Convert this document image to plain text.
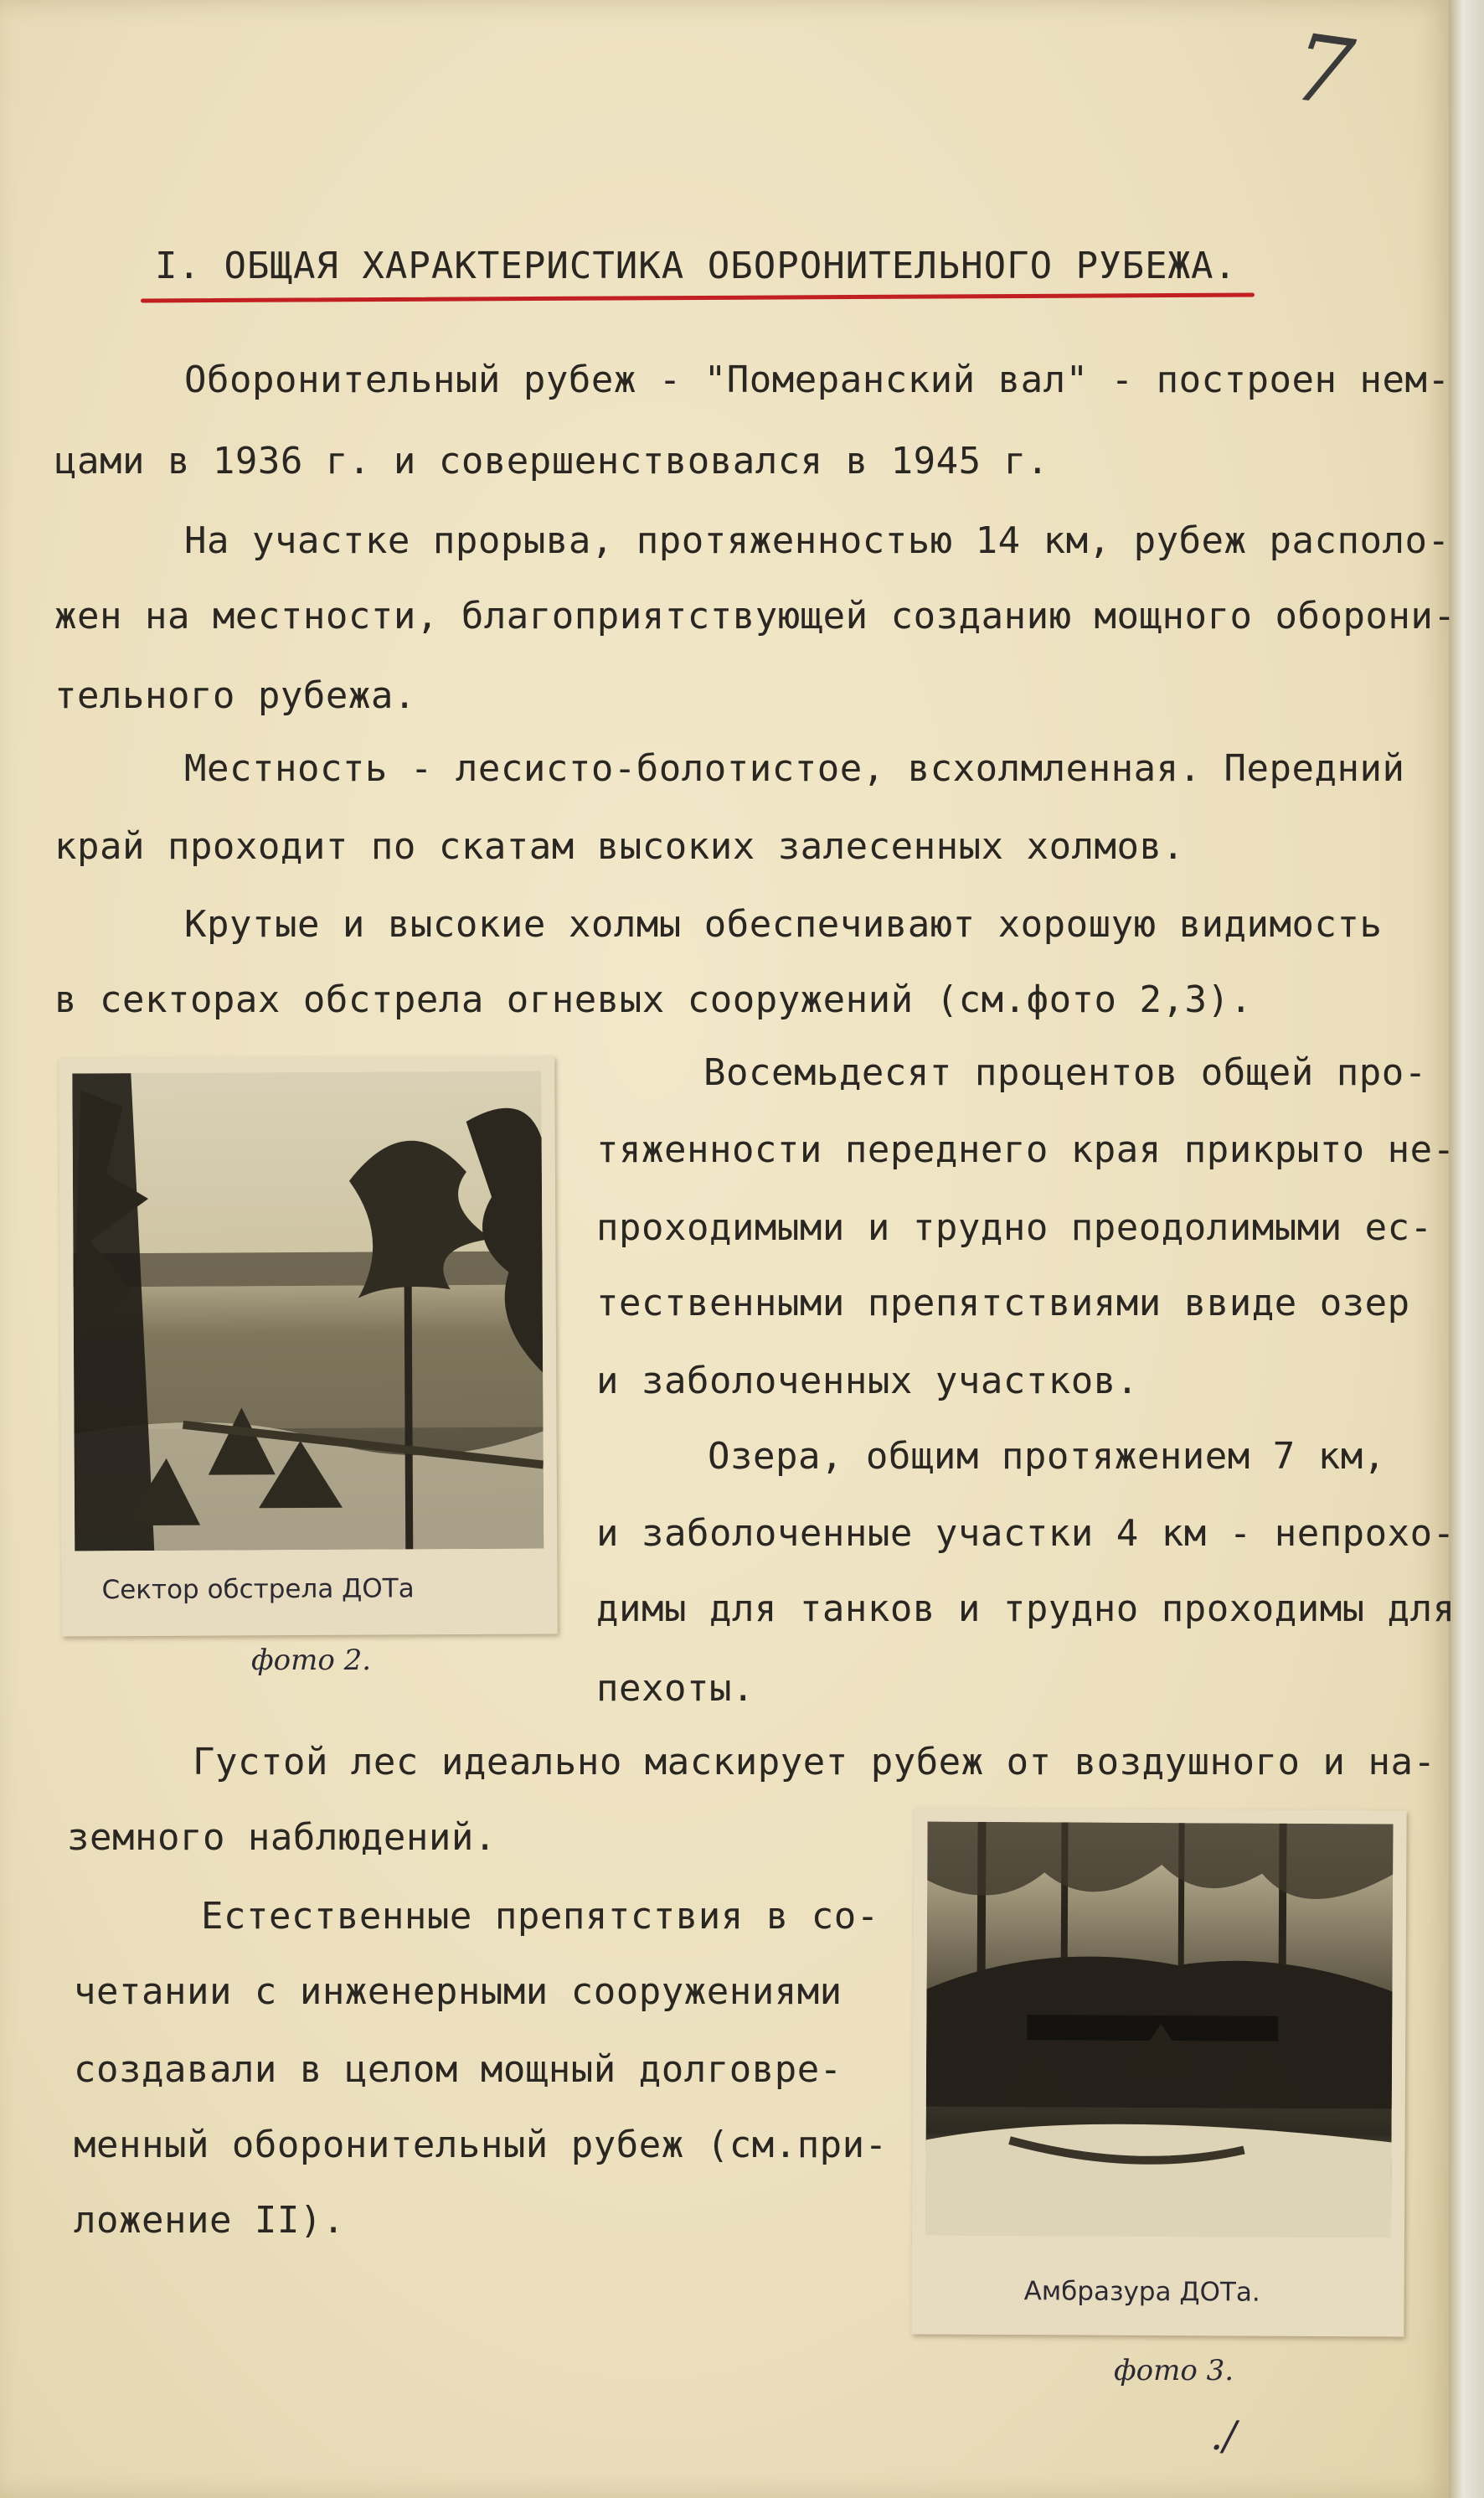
7
I. ОБЩАЯ ХАРАКТЕРИСТИКА ОБОРОНИТЕЛЬНОГО РУБЕЖА.
Оборонительный рубеж - "Померанский вал" - построен нем-
цами в 1936 г. и совершенствовался в 1945 г.
На участке прорыва, протяженностью 14 км, рубеж располо-
жен на местности, благоприятствующей созданию мощного оборони-
тельного рубежа.
Местность - лесисто-болотистое, всхолмленная. Передний
край проходит по скатам высоких залесенных холмов.
Крутые и высокие холмы обеспечивают хорошую видимость
в секторах обстрела огневых сооружений (см.фото 2,3).
Восемьдесят процентов общей про-
тяженности переднего края прикрыто не-
проходимыми и трудно преодолимыми ес-
тественными препятствиями ввиде озер
и заболоченных участков.
Озера, общим протяжением 7 км,
и заболоченные участки 4 км - непрохо-
димы для танков и трудно проходимы для
пехоты.
Густой лес идеально маскирует рубеж от воздушного и на-
земного наблюдений.
Естественные препятствия в со-
четании с инженерными сооружениями
создавали в целом мощный долговре-
менный оборонительный рубеж (см.при-
ложение II).
Сектор обстрела ДОТа
фото 2.
Амбразура ДОТа.
фото 3.
./
